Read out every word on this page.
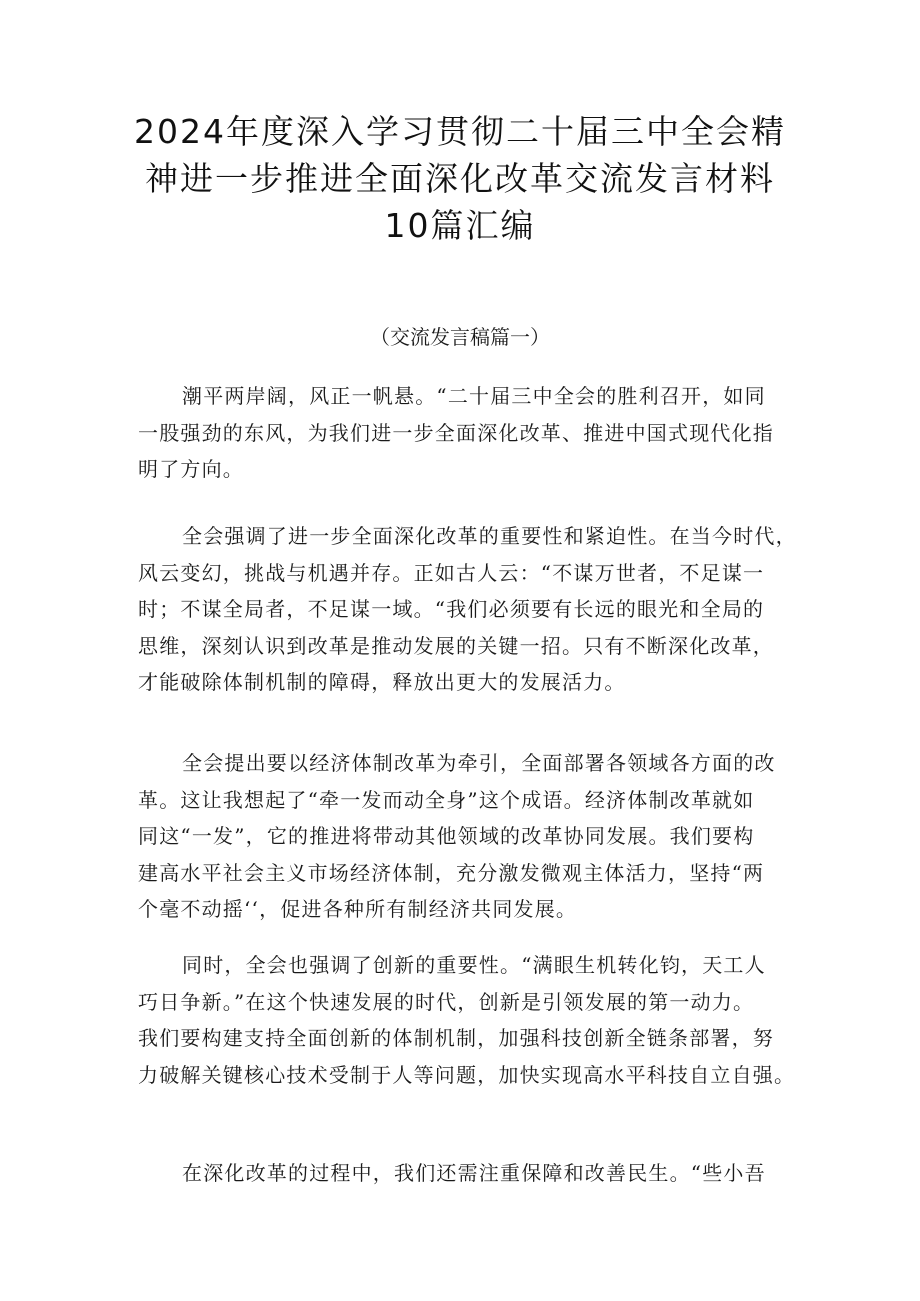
2024年度深入学习贯彻二十届三中全会精
神进一步推进全面深化改革交流发言材料
10篇汇编
（交流发言稿篇一）
潮平两岸阔，风正一帆悬。“二十届三中全会的胜利召开，如同
一股强劲的东风，为我们进一步全面深化改革、推进中国式现代化指
明了方向。
全会强调了进一步全面深化改革的重要性和紧迫性。在当今时代，
风云变幻，挑战与机遇并存。正如古人云：“不谋万世者，不足谋一
时；不谋全局者，不足谋一域。“我们必须要有长远的眼光和全局的
思维，深刻认识到改革是推动发展的关键一招。只有不断深化改革，
才能破除体制机制的障碍，释放出更大的发展活力。
全会提出要以经济体制改革为牵引，全面部署各领域各方面的改
革。这让我想起了“牵一发而动全身”这个成语。经济体制改革就如
同这“一发”，它的推进将带动其他领域的改革协同发展。我们要构
建高水平社会主义市场经济体制，充分激发微观主体活力，坚持“两
个毫不动摇‘‘，促进各种所有制经济共同发展。
同时，全会也强调了创新的重要性。“满眼生机转化钧，天工人
巧日争新。”在这个快速发展的时代，创新是引领发展的第一动力。
我们要构建支持全面创新的体制机制，加强科技创新全链条部署，努
力破解关键核心技术受制于人等问题，加快实现高水平科技自立自强。
在深化改革的过程中，我们还需注重保障和改善民生。“些小吾
